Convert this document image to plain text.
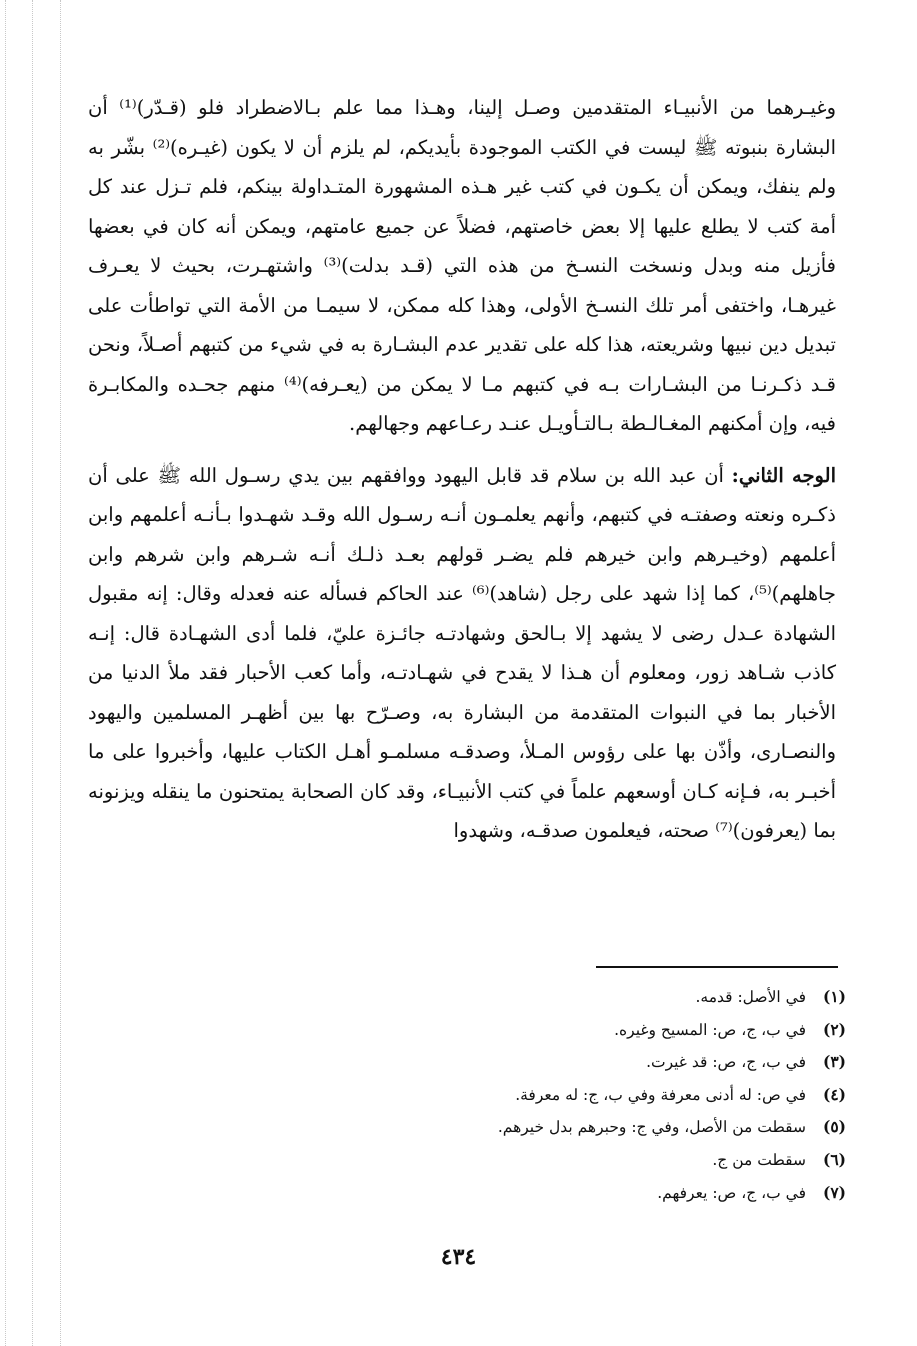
وغيـرهما من الأنبيـاء المتقدمين وصـل إلينا، وهـذا مما علم بـالاضطراد فلو (قـدّر)⁽¹⁾ أن البشارة بنبوته ﷺ ليست في الكتب الموجودة بأيديكم، لم يلزم أن لا يكون (غيـره)⁽²⁾ بشّر به ولم ينفك، ويمكن أن يكـون في كتب غير هـذه المشهورة المتـداولة بينكم، فلم تـزل عند كل أمة كتب لا يطلع عليها إلا بعض خاصتهم، فضلاً عن جميع عامتهم، ويمكن أنه كان في بعضها فأزيل منه وبدل ونسخت النسـخ من هذه التي (قـد بدلت)⁽³⁾ واشتهـرت، بحيث لا يعـرف غيرهـا، واختفى أمر تلك النسـخ الأولى، وهذا كله ممكن، لا سيمـا من الأمة التي تواطأت على تبديل دين نبيها وشريعته، هذا كله على تقدير عدم البشـارة به في شيء من كتبهم أصـلاً، ونحن قـد ذكـرنـا من البشـارات بـه في كتبهم مـا لا يمكن من (يعـرفه)⁽⁴⁾ منهم جحـده والمكابـرة فيه، وإن أمكنهم المغـالـطة بـالتـأويـل عنـد رعـاعهم وجهالهم.

الوجه الثاني: أن عبد الله بن سلام قد قابل اليهود ووافقهم بين يدي رسـول الله ﷺ على أن ذكـره ونعته وصفتـه في كتبهم، وأنهم يعلمـون أنـه رسـول الله وقـد شهـدوا بـأنـه أعلمهم وابن أعلمهم (وخيـرهم وابن خيرهم فلم يضـر قولهم بعـد ذلـك أنـه شـرهم وابن شرهم وابن جاهلهم)⁽⁵⁾، كما إذا شهد على رجل (شاهد)⁽⁶⁾ عند الحاكم فسأله عنه فعدله وقال: إنه مقبول الشهادة عـدل رضى لا يشهد إلا بـالحق وشهادتـه جائـزة عليّ، فلما أدى الشهـادة قال: إنـه كاذب شـاهد زور، ومعلوم أن هـذا لا يقدح في شهـادتـه، وأما كعب الأحبار فقد ملأ الدنيا من الأخبار بما في النبوات المتقدمة من البشارة به، وصـرّح بها بين أظهـر المسلمين واليهود والنصـارى، وأذّن بها على رؤوس المـلأ، وصدقـه مسلمـو أهـل الكتاب عليها، وأخبروا على ما أخبـر به، فـإنه كـان أوسعهم علماً في كتب الأنبيـاء، وقد كان الصحابة يمتحنون ما ينقله ويزنونه بما (يعرفون)⁽⁷⁾ صحته، فيعلمون صدقـه، وشهدوا

(١)في الأصل: قدمه.
(٢)في ب، ج، ص: المسيح وغيره.
(٣)في ب، ج، ص: قد غيرت.
(٤)في ص: له أدنى معرفة وفي ب، ج: له معرفة.
(٥)سقطت من الأصل، وفي ج: وحبرهم بدل خيرهم.
(٦)سقطت من ج.
(٧)في ب، ج، ص: يعرفهم.
٤٣٤
